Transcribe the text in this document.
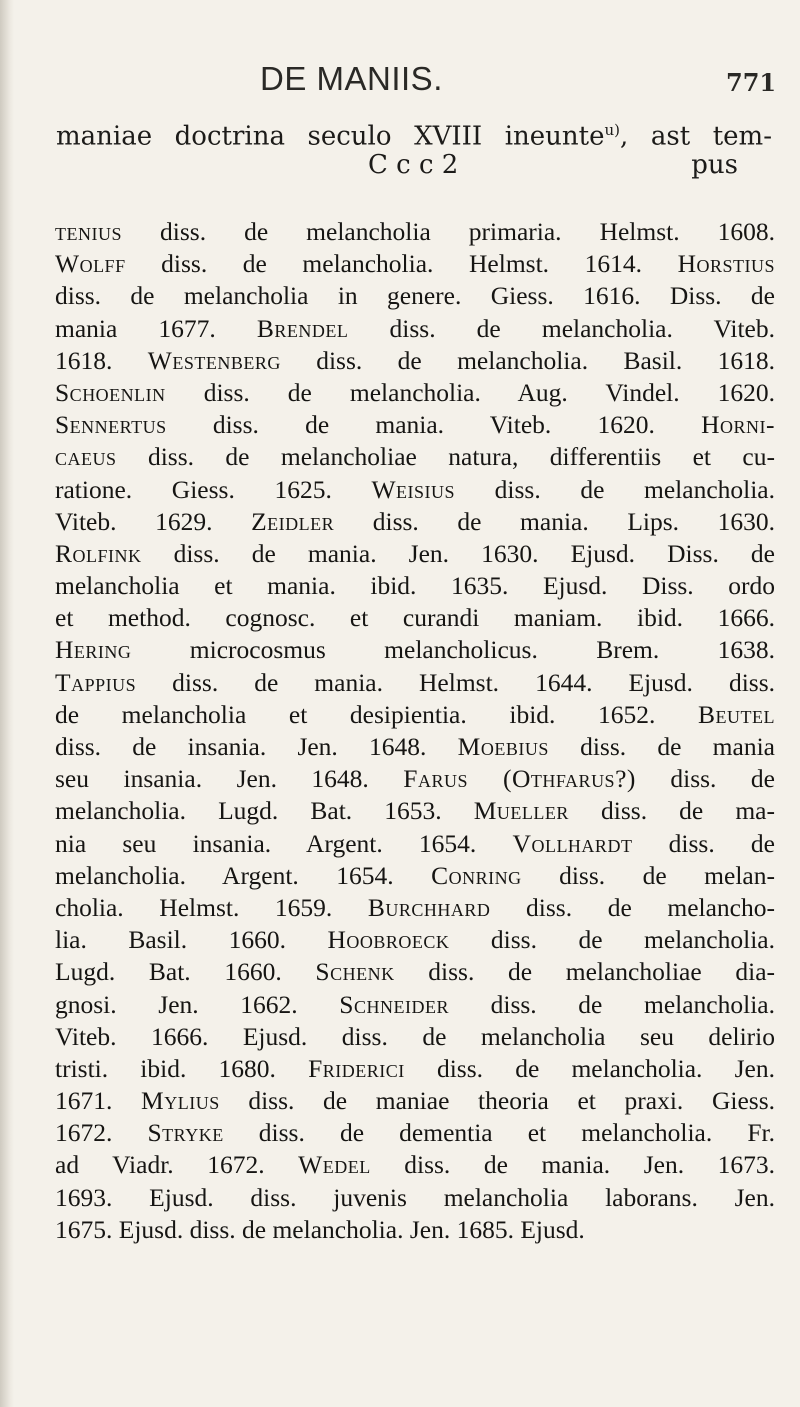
DE MANIIS.	771
maniae doctrina seculo XVIII ineunte$^{u)}$, ast tem-
C c c 2	pus
tenius diss. de melancholia primaria. Helmst. 1608.
Wolff diss. de melancholia. Helmst. 1614. Horstius
diss. de melancholia in genere. Giess. 1616. Diss. de
mania 1677. Brendel diss. de melancholia. Viteb.
1618. Westenberg diss. de melancholia. Basil. 1618.
Schoenlin diss. de melancholia. Aug. Vindel. 1620.
Sennertus diss. de mania. Viteb. 1620. Horni-
caeus diss. de melancholiae natura, differentiis et cu-
ratione. Giess. 1625. Weisius diss. de melancholia.
Viteb. 1629. Zeidler diss. de mania. Lips. 1630.
Rolfink diss. de mania. Jen. 1630. Ejusd. Diss. de
melancholia et mania. ibid. 1635. Ejusd. Diss. ordo
et method. cognosc. et curandi maniam. ibid. 1666.
Hering microcosmus melancholicus. Brem. 1638.
Tappius diss. de mania. Helmst. 1644. Ejusd. diss.
de melancholia et desipientia. ibid. 1652. Beutel
diss. de insania. Jen. 1648. Moebius diss. de mania
seu insania. Jen. 1648. Farus (Othfarus?) diss. de
melancholia. Lugd. Bat. 1653. Mueller diss. de ma-
nia seu insania. Argent. 1654. Vollhardt diss. de
melancholia. Argent. 1654. Conring diss. de melan-
cholia. Helmst. 1659. Burchhard diss. de melancho-
lia. Basil. 1660. Hoobroeck diss. de melancholia.
Lugd. Bat. 1660. Schenk diss. de melancholiae dia-
gnosi. Jen. 1662. Schneider diss. de melancholia.
Viteb. 1666. Ejusd. diss. de melancholia seu delirio
tristi. ibid. 1680. Friderici diss. de melancholia. Jen.
1671. Mylius diss. de maniae theoria et praxi. Giess.
1672. Stryke diss. de dementia et melancholia. Fr.
ad Viadr. 1672. Wedel diss. de mania. Jen. 1673.
1693. Ejusd. diss. juvenis melancholia laborans. Jen.
1675. Ejusd. diss. de melancholia. Jen. 1685. Ejusd.
